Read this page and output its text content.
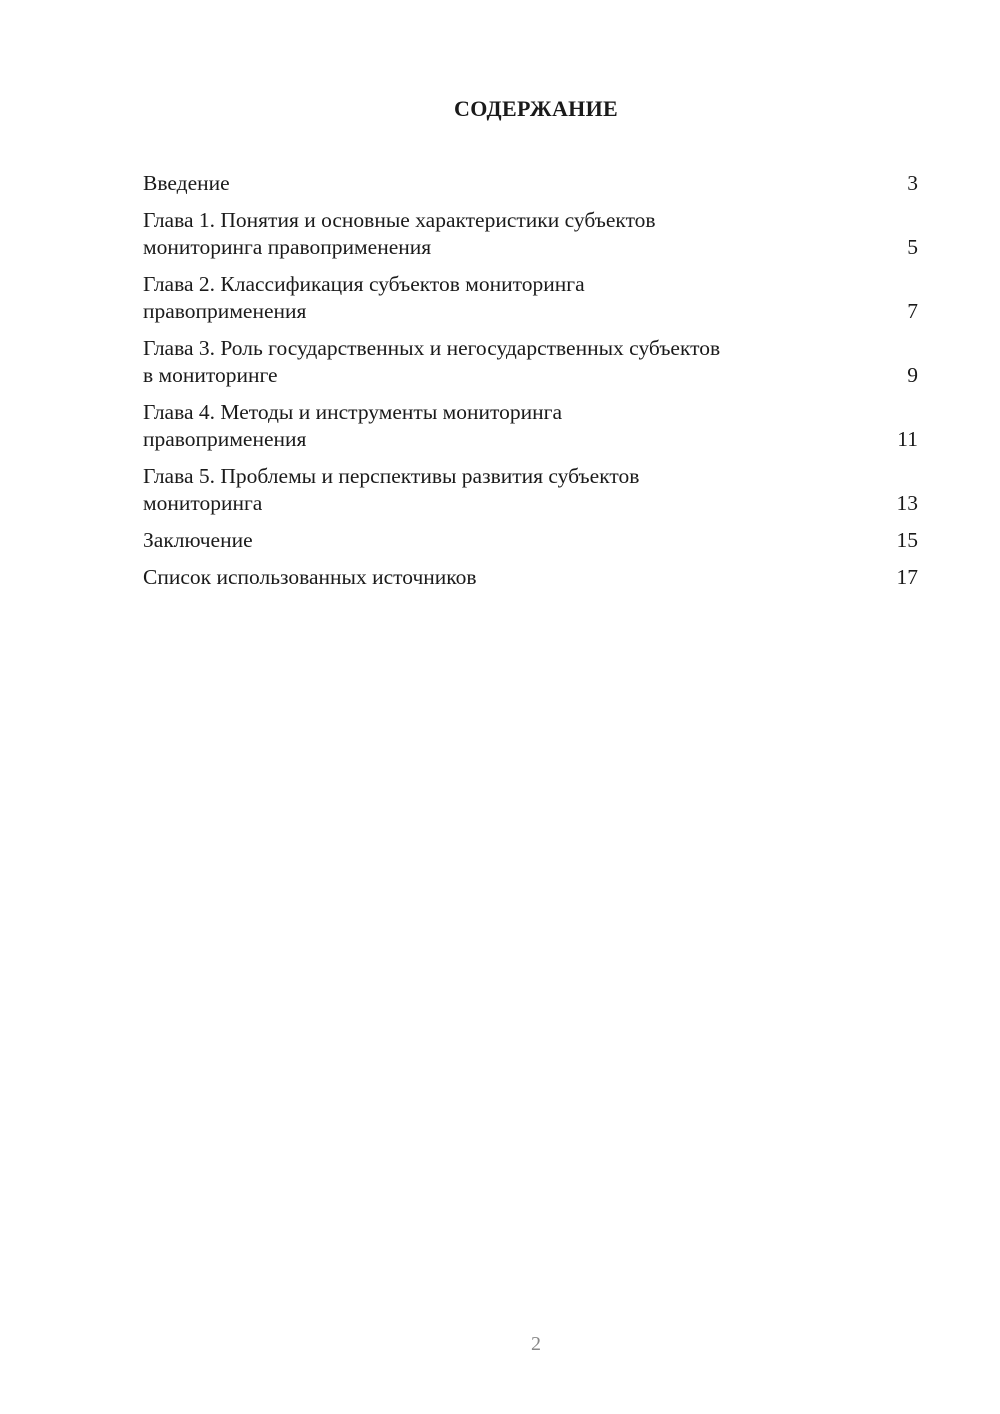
СОДЕРЖАНИЕ
Введение	3
Глава 1. Понятия и основные характеристики субъектов
мониторинга правоприменения	5
Глава 2. Классификация субъектов мониторинга
правоприменения	7
Глава 3. Роль государственных и негосударственных субъектов
в мониторинге	9
Глава 4. Методы и инструменты мониторинга
правоприменения	11
Глава 5. Проблемы и перспективы развития субъектов
мониторинга	13
Заключение	15
Список использованных источников	17
2
